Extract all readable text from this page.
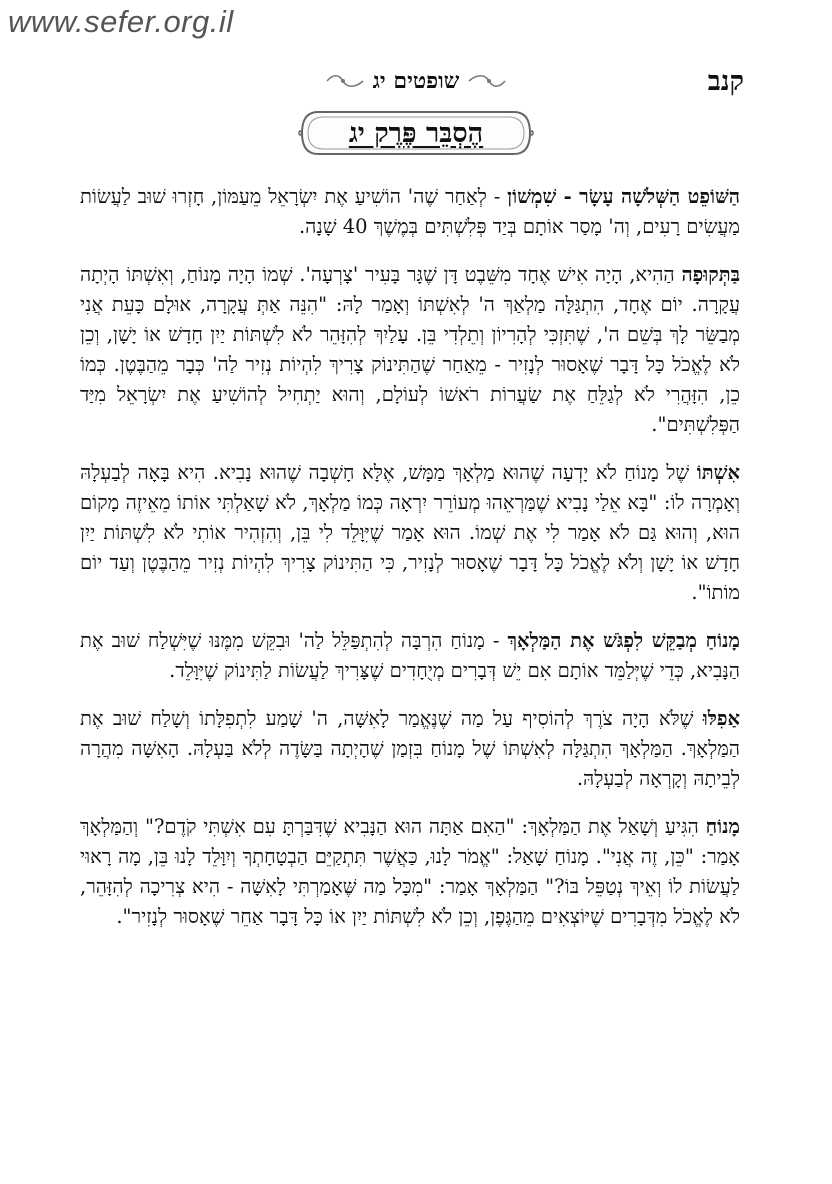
www.sefer.org.il
קנב
שופטים יג
הֶסְבֵּר פֶּרֶק יג

הַשּׁוֹפֵט הַשְּׁלֹשָׁה עָשָׂר - שִׁמְשׁוֹן - לְאַחַר שֶׁה' הוֹשִׁיעַ אֶת יִשְׂרָאֵל מֵעַמּוֹן, חָזְרוּ שׁוּב לַעֲשׂוֹת מַעֲשִׂים רָעִים, וְה' מָסַר אוֹתָם בְּיַד פְּלִשְׁתִּים בְּמֶשֶׁךְ 40 שָׁנָה.

בַּתְּקוּפָה הַהִיא, הָיָה אִישׁ אֶחָד מִשֵּׁבֶט דָּן שֶׁגָּר בָּעִיר 'צָרְעָה'. שְׁמוֹ הָיָה מָנוֹחַ, וְאִשְׁתּוֹ הָיְתָה עֲקָרָה. יוֹם אֶחָד, הִתְגַּלָּה מַלְאַךְ ה' לְאִשְׁתּוֹ וְאָמַר לָהּ: "הִנֵּה אַתְּ עֲקָרָה, אוּלָם כָּעֵת אֲנִי מְבַשֵּׂר לָךְ בְּשֵׁם ה', שֶׁתִּזְכִּי לְהָרִיוֹן וְתֵלְדִי בֵּן. עָלַיִךְ לְהִזָּהֵר לֹא לִשְׁתּוֹת יַיִן חָדָשׁ אוֹ יָשָׁן, וְכֵן לֹא לֶאֱכֹל כָּל דָּבָר שֶׁאָסוּר לְנָזִיר - מֵאַחַר שֶׁהַתִּינוֹק צָרִיךְ לִהְיוֹת נְזִיר לַה' כְּבָר מֵהַבֶּטֶן. כְּמוֹ כֵן, הִזָּהֲרִי לֹא לְגַלֵּחַ אֶת שַׂעֲרוֹת רֹאשׁוֹ לְעוֹלָם, וְהוּא יַתְחִיל לְהוֹשִׁיעַ אֶת יִשְׂרָאֵל מִיַּד הַפְּלִשְׁתִּים".

אִשְׁתּוֹ שֶׁל מָנוֹחַ לֹא יָדְעָה שֶׁהוּא מַלְאָךְ מַמָּשׁ, אֶלָּא חָשְׁבָה שֶׁהוּא נָבִיא. הִיא בָּאָה לְבַעְלָהּ וְאָמְרָה לוֹ: "בָּא אֵלַי נָבִיא שֶׁמַּרְאֵהוּ מְעוֹרֵר יִרְאָה כְּמוֹ מַלְאָךְ, לֹא שָׁאַלְתִּי אוֹתוֹ מֵאֵיזֶה מָקוֹם הוּא, וְהוּא גַּם לֹא אָמַר לִי אֶת שְׁמוֹ. הוּא אָמַר שֶׁיִּוָּלֵד לִי בֵּן, וְהִזְהִיר אוֹתִי לֹא לִשְׁתּוֹת יַיִן חָדָשׁ אוֹ יָשָׁן וְלֹא לֶאֱכֹל כָּל דָּבָר שֶׁאָסוּר לְנָזִיר, כִּי הַתִּינוֹק צָרִיךְ לִהְיוֹת נְזִיר מֵהַבֶּטֶן וְעַד יוֹם מוֹתוֹ".

מָנוֹחַ מְבַקֵּשׁ לִפְגֹּשׁ אֶת הַמַּלְאָךְ - מָנוֹחַ הִרְבָּה לְהִתְפַּלֵּל לַה' וּבִקֵּשׁ מִמֶּנּוּ שֶׁיִּשְׁלַח שׁוּב אֶת הַנָּבִיא, כְּדֵי שֶׁיְּלַמֵּד אוֹתָם אִם יֵשׁ דְּבָרִים מְיֻחָדִים שֶׁצָּרִיךְ לַעֲשׂוֹת לַתִּינוֹק שֶׁיִּוָּלֵד.

אַפִלּוּ שֶׁלֹּא הָיָה צֹרֶךְ לְהוֹסִיף עַל מַה שֶׁנֶּאֱמַר לָאִשָּׁה, ה' שָׁמַע לִתְפִלָּתוֹ וְשָׁלַח שׁוּב אֶת הַמַּלְאָךְ. הַמַּלְאָךְ הִתְגַּלָּה לְאִשְׁתּוֹ שֶׁל מָנוֹחַ בִּזְמַן שֶׁהָיְתָה בַּשָּׂדֶה לְלֹא בַּעְלָהּ. הָאִשָּׁה מִהֲרָה לְבֵיתָהּ וְקָרְאָה לְבַעְלָהּ.

מָנוֹחַ הִגִּיעַ וְשָׁאַל אֶת הַמַּלְאָךְ: "הַאִם אַתָּה הוּא הַנָּבִיא שֶׁדִּבַּרְתָּ עִם אִשְׁתִּי קֹדֶם?" וְהַמַּלְאָךְ אָמַר: "כֵּן, זֶה אֲנִי". מָנוֹחַ שָׁאַל: "אֱמֹר לָנוּ, כַּאֲשֶׁר תִּתְקַיֵּם הַבְטָחָתְךָ וְיִוָּלֵד לָנוּ בֵּן, מָה רָאוּי לַעֲשׂוֹת לוֹ וְאֵיךְ נְטַפֵּל בּוֹ?" הַמַּלְאָךְ אָמַר: "מִכָּל מַה שֶּׁאָמַרְתִּי לָאִשָּׁה - הִיא צְרִיכָה לְהִזָּהֵר, לֹא לֶאֱכֹל מִדְּבָרִים שֶׁיּוֹצְאִים מֵהַגֶּפֶן, וְכֵן לֹא לִשְׁתּוֹת יַיִן אוֹ כָּל דָּבָר אַחֵר שֶׁאָסוּר לְנָזִיר".
